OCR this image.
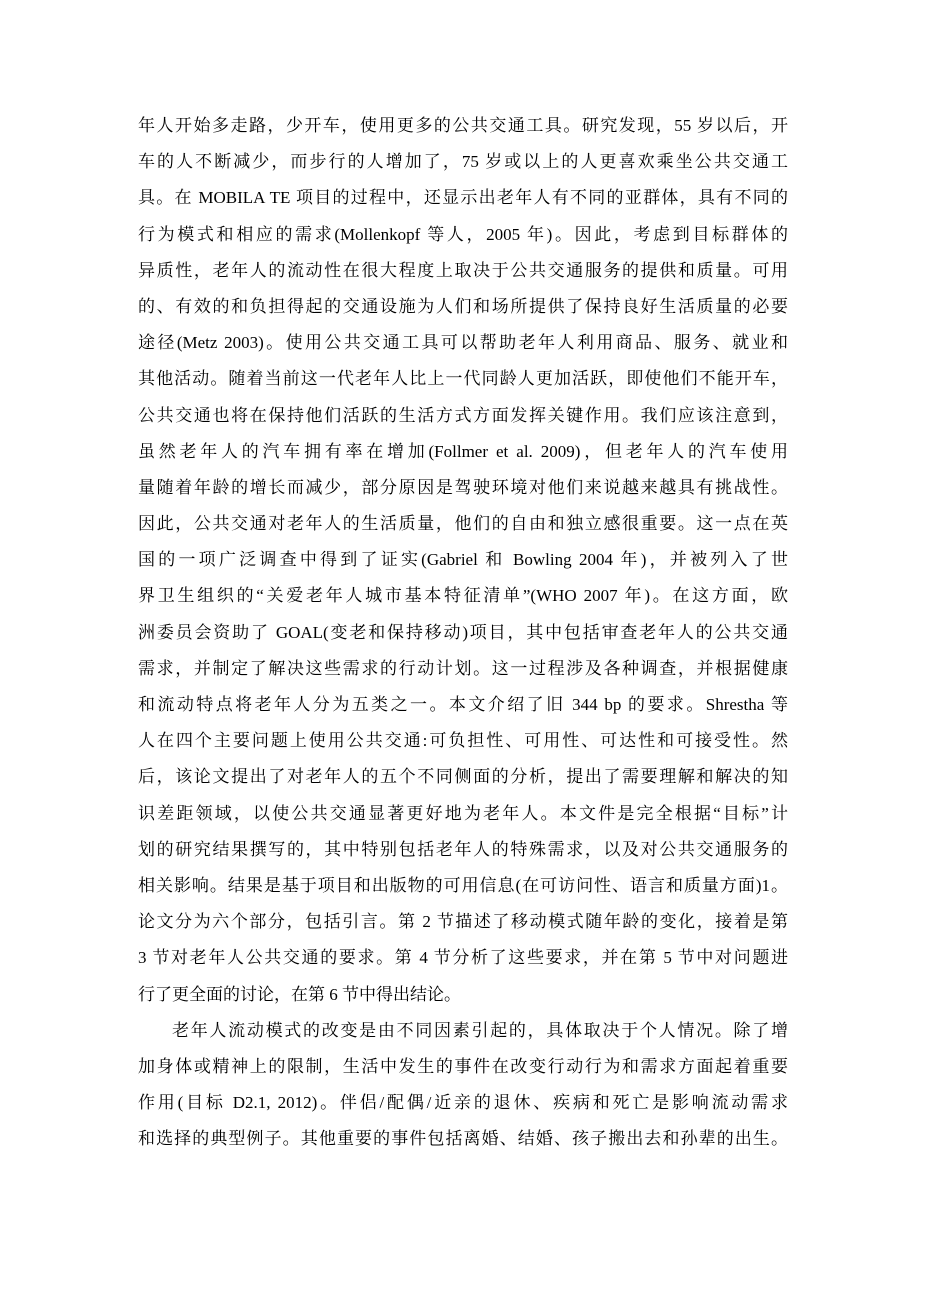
年人开始多走路，少开车，使用更多的公共交通工具。研究发现，55 岁以后，开
车的人不断减少，而步行的人增加了，75 岁或以上的人更喜欢乘坐公共交通工
具。在 MOBILA TE 项目的过程中，还显示出老年人有不同的亚群体，具有不同的
行为模式和相应的需求(Mollenkopf 等人，2005 年)。因此，考虑到目标群体的
异质性，老年人的流动性在很大程度上取决于公共交通服务的提供和质量。可用
的、有效的和负担得起的交通设施为人们和场所提供了保持良好生活质量的必要
途径(Metz 2003)。使用公共交通工具可以帮助老年人利用商品、服务、就业和
其他活动。随着当前这一代老年人比上一代同龄人更加活跃，即使他们不能开车，
公共交通也将在保持他们活跃的生活方式方面发挥关键作用。我们应该注意到，
虽然老年人的汽车拥有率在增加(Follmer et al. 2009)，但老年人的汽车使用
量随着年龄的增长而减少，部分原因是驾驶环境对他们来说越来越具有挑战性。
因此，公共交通对老年人的生活质量，他们的自由和独立感很重要。这一点在英
国的一项广泛调查中得到了证实(Gabriel 和 Bowling 2004 年)，并被列入了世
界卫生组织的“关爱老年人城市基本特征清单”(WHO 2007 年)。在这方面，欧
洲委员会资助了 GOAL(变老和保持移动)项目，其中包括审查老年人的公共交通
需求，并制定了解决这些需求的行动计划。这一过程涉及各种调查，并根据健康
和流动特点将老年人分为五类之一。本文介绍了旧 344 bp 的要求。Shrestha 等
人在四个主要问题上使用公共交通:可负担性、可用性、可达性和可接受性。然
后，该论文提出了对老年人的五个不同侧面的分析，提出了需要理解和解决的知
识差距领域，以使公共交通显著更好地为老年人。本文件是完全根据“目标”计
划的研究结果撰写的，其中特别包括老年人的特殊需求，以及对公共交通服务的
相关影响。结果是基于项目和出版物的可用信息(在可访问性、语言和质量方面)1。
论文分为六个部分，包括引言。第 2 节描述了移动模式随年龄的变化，接着是第
3 节对老年人公共交通的要求。第 4 节分析了这些要求，并在第 5 节中对问题进
行了更全面的讨论，在第 6 节中得出结论。
老年人流动模式的改变是由不同因素引起的，具体取决于个人情况。除了增
加身体或精神上的限制，生活中发生的事件在改变行动行为和需求方面起着重要
作用(目标 D2.1, 2012)。伴侣/配偶/近亲的退休、疾病和死亡是影响流动需求
和选择的典型例子。其他重要的事件包括离婚、结婚、孩子搬出去和孙辈的出生。
